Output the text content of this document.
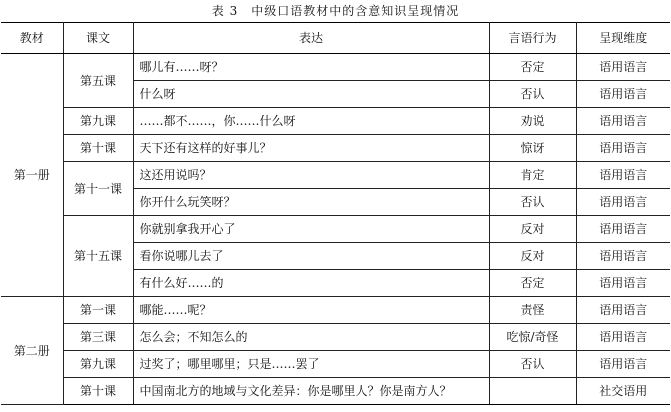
表 3　中级口语教材中的含意知识呈现情况
教材	课文	表达	言语行为	呈现维度
第一册	第五课	哪儿有……呀？	否定	语用语言
		什么呀	否认	语用语言
	第九课	……都不……，你……什么呀	劝说	语用语言
	第十课	天下还有这样的好事儿？	惊讶	语用语言
	第十一课	这还用说吗？	肯定	语用语言
		你开什么玩笑呀？	否认	语用语言
	第十五课	你就别拿我开心了	反对	语用语言
		看你说哪儿去了	反对	语用语言
		有什么好……的	否定	语用语言
第二册	第一课	哪能……呢？	责怪	语用语言
	第三课	怎么会；不知怎么的	吃惊/奇怪	语用语言
	第九课	过奖了；哪里哪里；只是……罢了	否认	语用语言
	第十课	中国南北方的地域与文化差异：你是哪里人？你是南方人？		社交语用
